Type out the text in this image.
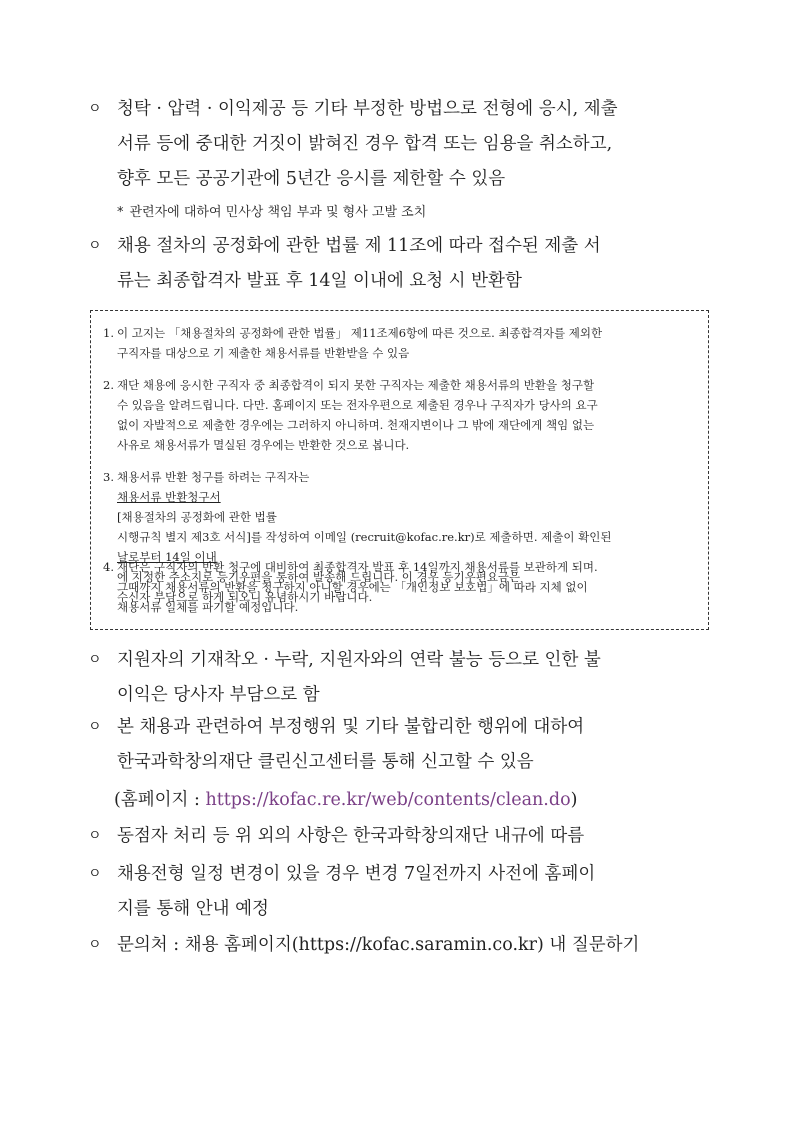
ㅇ 청탁 · 압력 · 이익제공 등 기타 부정한 방법으로 전형에 응시, 제출
서류 등에 중대한 거짓이 밝혀진 경우 합격 또는 임용을 취소하고,
향후 모든 공공기관에 5년간 응시를 제한할 수 있음
* 관련자에 대하여 민사상 책임 부과 및 형사 고발 조치
ㅇ 채용 절차의 공정화에 관한 법률 제 11조에 따라 접수된 제출 서
류는 최종합격자 발표 후 14일 이내에 요청 시 반환함
1. 이 고지는 「채용절차의 공정화에 관한 법률」 제11조제6항에 따른 것으로. 최종합격자를 제외한
구직자를 대상으로 기 제출한 채용서류를 반환받을 수 있음
2. 재단 채용에 응시한 구직자 중 최종합격이 되지 못한 구직자는 제출한 채용서류의 반환을 청구할
수 있음을 알려드립니다. 다만. 홈페이지 또는 전자우편으로 제출된 경우나 구직자가 당사의 요구
없이 자발적으로 제출한 경우에는 그러하지 아니하며. 천재지변이나 그 밖에 재단에게 책임 없는
사유로 채용서류가 멸실된 경우에는 반환한 것으로 봅니다.
3. 채용서류 반환 청구를 하려는 구직자는
채용서류 반환청구서
[채용절차의 공정화에 관한 법률
시행규칙 별지 제3호 서식]를 작성하여 이메일 (recruit@kofac.re.kr)로 제출하면. 제출이 확인된
날로부터 14일 이내
에 지정한 주소지로 등기우편을 통하여 발송해 드립니다. 이 경우 등기우편요금은
수신자 부담으로 하게 되오니 유념하시기 바랍니다.
4. 재단은 구직자의 반환 청구에 대비하여 최종합격자 발표 후 14일까지 채용서류를 보관하게 되며.
그때까지 채용서류의 반환을 청구하지 아니할 경우에는 「개인정보 보호법」에 따라 지체 없이
채용서류 일체를 파기할 예정입니다.
ㅇ 지원자의 기재착오 · 누락, 지원자와의 연락 불능 등으로 인한 불
이익은 당사자 부담으로 함
ㅇ 본 채용과 관련하여 부정행위 및 기타 불합리한 행위에 대하여
한국과학창의재단 클린신고센터를 통해 신고할 수 있음
(홈페이지 : https://kofac.re.kr/web/contents/clean.do)
ㅇ 동점자 처리 등 위 외의 사항은 한국과학창의재단 내규에 따름
ㅇ 채용전형 일정 변경이 있을 경우 변경 7일전까지 사전에 홈페이
지를 통해 안내 예정
ㅇ 문의처 : 채용 홈페이지(https://kofac.saramin.co.kr) 내 질문하기
